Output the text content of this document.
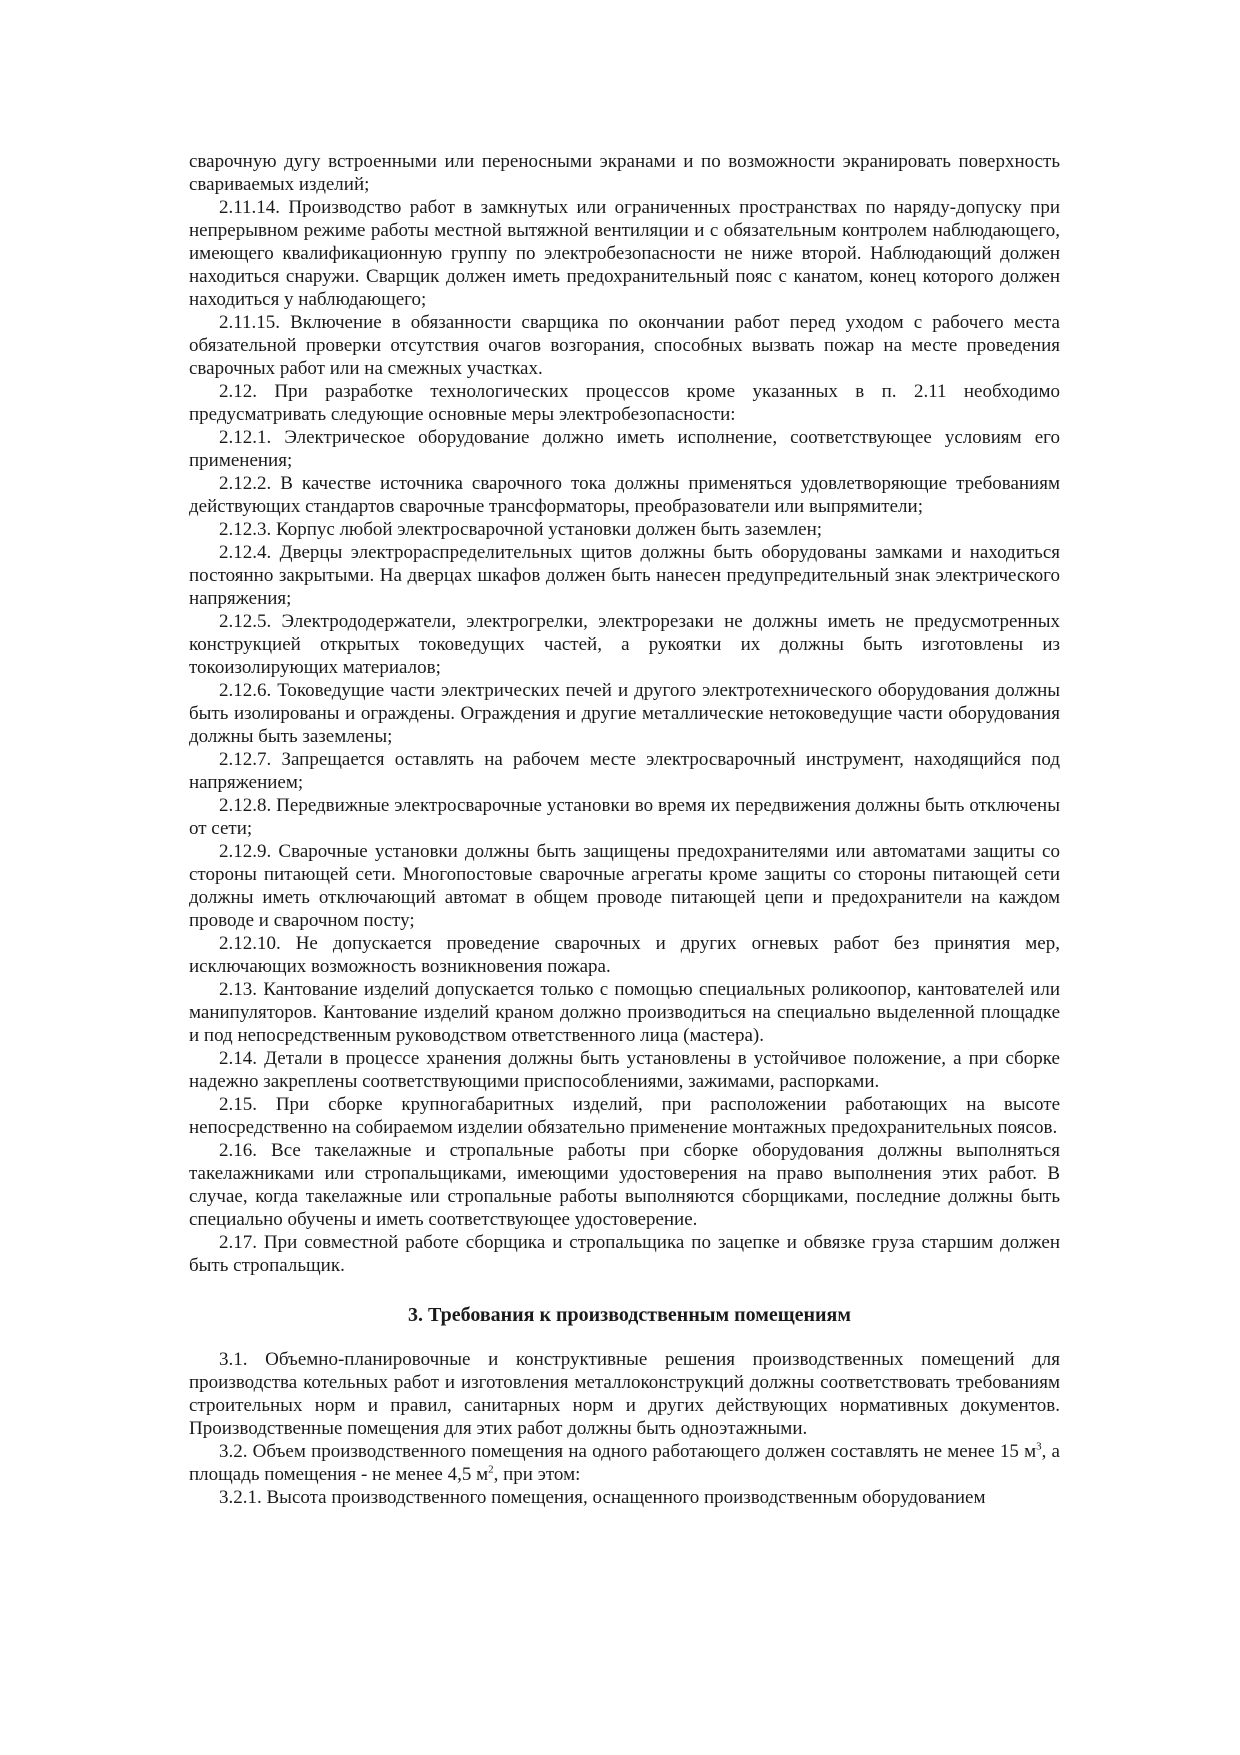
сварочную дугу встроенными или переносными экранами и по возможности экранировать поверхность свариваемых изделий;

2.11.14. Производство работ в замкнутых или ограниченных пространствах по наряду-допуску при непрерывном режиме работы местной вытяжной вентиляции и с обязательным контролем наблюдающего, имеющего квалификационную группу по электробезопасности не ниже второй. Наблюдающий должен находиться снаружи. Сварщик должен иметь предохранительный пояс с канатом, конец которого должен находиться у наблюдающего;

2.11.15. Включение в обязанности сварщика по окончании работ перед уходом с рабочего места обязательной проверки отсутствия очагов возгорания, способных вызвать пожар на месте проведения сварочных работ или на смежных участках.

2.12. При разработке технологических процессов кроме указанных в п. 2.11 необходимо предусматривать следующие основные меры электробезопасности:

2.12.1. Электрическое оборудование должно иметь исполнение, соответствующее условиям его применения;

2.12.2. В качестве источника сварочного тока должны применяться удовлетворяющие требованиям действующих стандартов сварочные трансформаторы, преобразователи или выпрямители;

2.12.3. Корпус любой электросварочной установки должен быть заземлен;

2.12.4. Дверцы электрораспределительных щитов должны быть оборудованы замками и находиться постоянно закрытыми. На дверцах шкафов должен быть нанесен предупредительный знак электрического напряжения;

2.12.5. Электрододержатели, электрогрелки, электрорезаки не должны иметь не предусмотренных конструкцией открытых токоведущих частей, а рукоятки их должны быть изготовлены из токоизолирующих материалов;

2.12.6. Токоведущие части электрических печей и другого электротехнического оборудования должны быть изолированы и ограждены. Ограждения и другие металлические нетоковедущие части оборудования должны быть заземлены;

2.12.7. Запрещается оставлять на рабочем месте электросварочный инструмент, находящийся под напряжением;

2.12.8. Передвижные электросварочные установки во время их передвижения должны быть отключены от сети;

2.12.9. Сварочные установки должны быть защищены предохранителями или автоматами защиты со стороны питающей сети. Многопостовые сварочные агрегаты кроме защиты со стороны питающей сети должны иметь отключающий автомат в общем проводе питающей цепи и предохранители на каждом проводе и сварочном посту;

2.12.10. Не допускается проведение сварочных и других огневых работ без принятия мер, исключающих возможность возникновения пожара.

2.13. Кантование изделий допускается только с помощью специальных роликоопор, кантователей или манипуляторов. Кантование изделий краном должно производиться на специально выделенной площадке и под непосредственным руководством ответственного лица (мастера).

2.14. Детали в процессе хранения должны быть установлены в устойчивое положение, а при сборке надежно закреплены соответствующими приспособлениями, зажимами, распорками.

2.15. При сборке крупногабаритных изделий, при расположении работающих на высоте непосредственно на собираемом изделии обязательно применение монтажных предохранительных поясов.

2.16. Все такелажные и стропальные работы при сборке оборудования должны выполняться такелажниками или стропальщиками, имеющими удостоверения на право выполнения этих работ. В случае, когда такелажные или стропальные работы выполняются сборщиками, последние должны быть специально обучены и иметь соответствующее удостоверение.

2.17. При совместной работе сборщика и стропальщика по зацепке и обвязке груза старшим должен быть стропальщик.

3. Требования к производственным помещениям

3.1. Объемно-планировочные и конструктивные решения производственных помещений для производства котельных работ и изготовления металлоконструкций должны соответствовать требованиям строительных норм и правил, санитарных норм и других действующих нормативных документов. Производственные помещения для этих работ должны быть одноэтажными.

3.2. Объем производственного помещения на одного работающего должен составлять не менее 15 $м^3$, а площадь помещения - не менее 4,5 $м^2$, при этом:

3.2.1. Высота производственного помещения, оснащенного производственным оборудованием
